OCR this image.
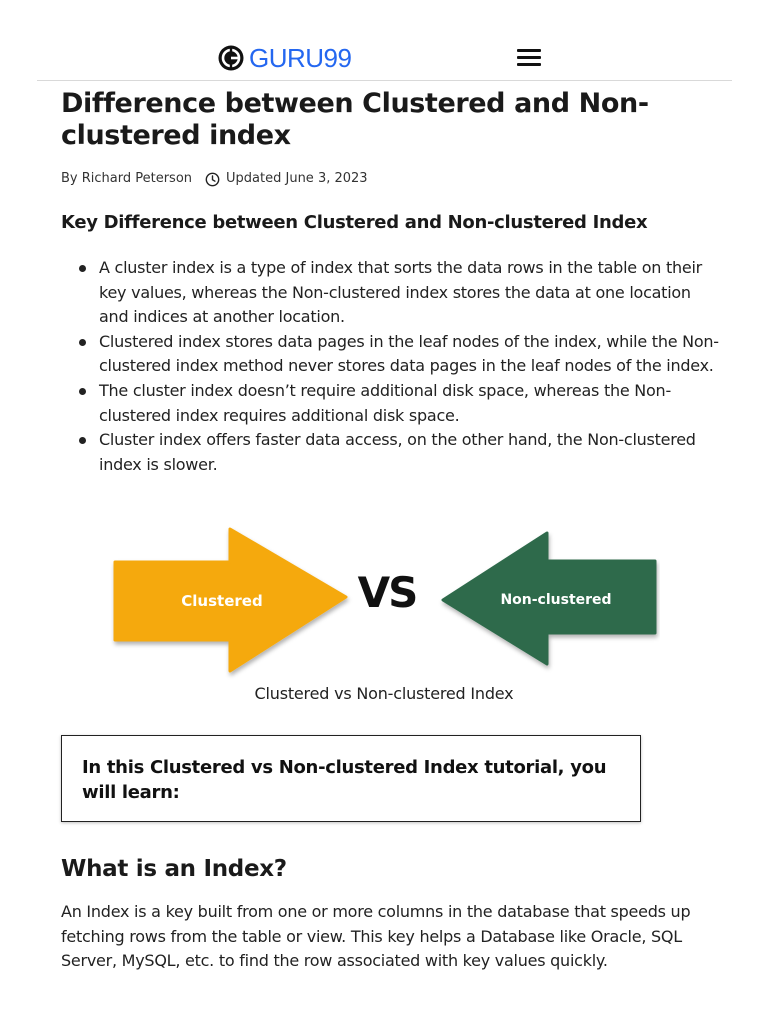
GURU99
Difference between Clustered and Non-clustered index
By Richard Peterson	Updated June 3, 2023
Key Difference between Clustered and Non-clustered Index
A cluster index is a type of index that sorts the data rows in the table on their key values, whereas the Non-clustered index stores the data at one location and indices at another location.
Clustered index stores data pages in the leaf nodes of the index, while the Non-clustered index method never stores data pages in the leaf nodes of the index.
The cluster index doesn’t require additional disk space, whereas the Non-clustered index requires additional disk space.
Cluster index offers faster data access, on the other hand, the Non-clustered index is slower.
Clustered VS	Non-clustered
Clustered vs Non-clustered Index
In this Clustered vs Non-clustered Index tutorial, you will learn:
What is an Index?

An Index is a key built from one or more columns in the database that speeds up fetching rows from the table or view. This key helps a Database like Oracle, SQL Server, MySQL, etc. to find the row associated with key values quickly.
